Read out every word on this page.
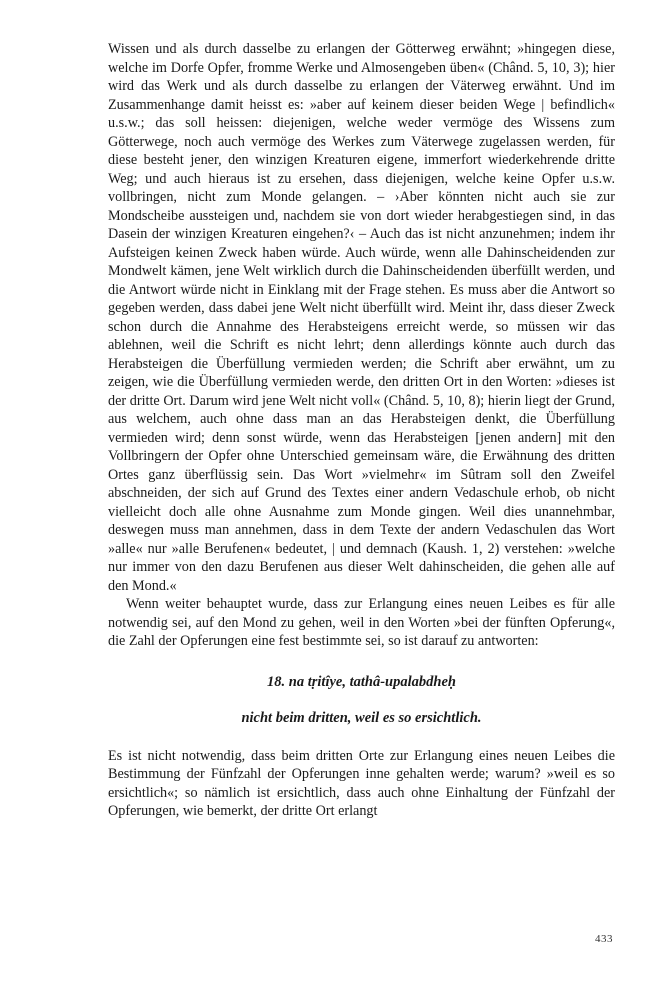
Wissen und als durch dasselbe zu erlangen der Götterweg erwähnt; »hingegen diese, welche im Dorfe Opfer, fromme Werke und Almosengeben üben« (Chând. 5, 10, 3); hier wird das Werk und als durch dasselbe zu erlangen der Väterweg erwähnt. Und im Zusammenhange damit heisst es: »aber auf keinem dieser beiden Wege | befindlich« u.s.w.; das soll heissen: diejenigen, welche weder vermöge des Wissens zum Götterwege, noch auch vermöge des Werkes zum Väterwege zugelassen werden, für diese besteht jener, den winzigen Kreaturen eigene, immerfort wiederkehrende dritte Weg; und auch hieraus ist zu ersehen, dass diejenigen, welche keine Opfer u.s.w. vollbringen, nicht zum Monde gelangen. – ›Aber könnten nicht auch sie zur Mondscheibe aussteigen und, nachdem sie von dort wieder herabgestiegen sind, in das Dasein der winzigen Kreaturen eingehen?‹ – Auch das ist nicht anzunehmen; indem ihr Aufsteigen keinen Zweck haben würde. Auch würde, wenn alle Dahinscheidenden zur Mondwelt kämen, jene Welt wirklich durch die Dahinscheidenden überfüllt werden, und die Antwort würde nicht in Einklang mit der Frage stehen. Es muss aber die Antwort so gegeben werden, dass dabei jene Welt nicht überfüllt wird. Meint ihr, dass dieser Zweck schon durch die Annahme des Herabsteigens erreicht werde, so müssen wir das ablehnen, weil die Schrift es nicht lehrt; denn allerdings könnte auch durch das Herabsteigen die Überfüllung vermieden werden; die Schrift aber erwähnt, um zu zeigen, wie die Überfüllung vermieden werde, den dritten Ort in den Worten: »dieses ist der dritte Ort. Darum wird jene Welt nicht voll« (Chând. 5, 10, 8); hierin liegt der Grund, aus welchem, auch ohne dass man an das Herabsteigen denkt, die Überfüllung vermieden wird; denn sonst würde, wenn das Herabsteigen [jenen andern] mit den Vollbringern der Opfer ohne Unterschied gemeinsam wäre, die Erwähnung des dritten Ortes ganz überflüssig sein. Das Wort »vielmehr« im Sûtram soll den Zweifel abschneiden, der sich auf Grund des Textes einer andern Vedaschule erhob, ob nicht vielleicht doch alle ohne Ausnahme zum Monde gingen. Weil dies unannehmbar, deswegen muss man annehmen, dass in dem Texte der andern Vedaschulen das Wort »alle« nur »alle Berufenen« bedeutet, | und demnach (Kaush. 1, 2) verstehen: »welche nur immer von den dazu Berufenen aus dieser Welt dahinscheiden, die gehen alle auf den Mond.«

Wenn weiter behauptet wurde, dass zur Erlangung eines neuen Leibes es für alle notwendig sei, auf den Mond zu gehen, weil in den Worten »bei der fünften Opferung«, die Zahl der Opferungen eine fest bestimmte sei, so ist darauf zu antworten:

18. na tṛitîye, tathâ-upalabdheḥ

nicht beim dritten, weil es so ersichtlich.

Es ist nicht notwendig, dass beim dritten Orte zur Erlangung eines neuen Leibes die Bestimmung der Fünfzahl der Opferungen inne gehalten werde; warum? »weil es so ersichtlich«; so nämlich ist ersichtlich, dass auch ohne Einhaltung der Fünfzahl der Opferungen, wie bemerkt, der dritte Ort erlangt

433
